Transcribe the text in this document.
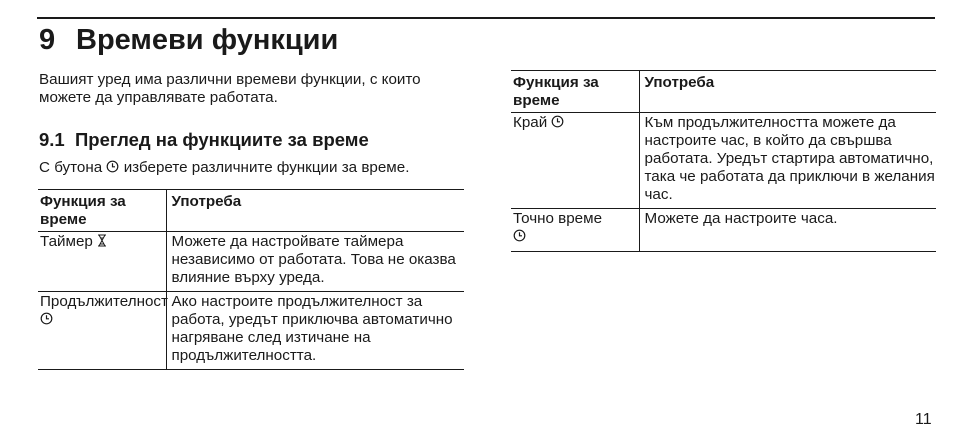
9 Времеви функции

Вашият уред има различни времеви функции, с които можете да управлявате работата.

9.1 Преглед на функциите за време

С бутона изберете различните функции за време.

Функция за време	Употреба
Таймер	Можете да настройвате таймера независимо от работата. Това не оказва влияние върху уреда.
Продължителност	Ако настроите продължителност за работа, уредът приключва автоматично нагряване след изтичане на продължителността.
Функция за време	Употреба
Край	Към продължителността можете да настроите час, в който да свършва работата. Уредът стартира автоматично, така че работата да приключи в желания час.
Точно време	Можете да настроите часа.
11
